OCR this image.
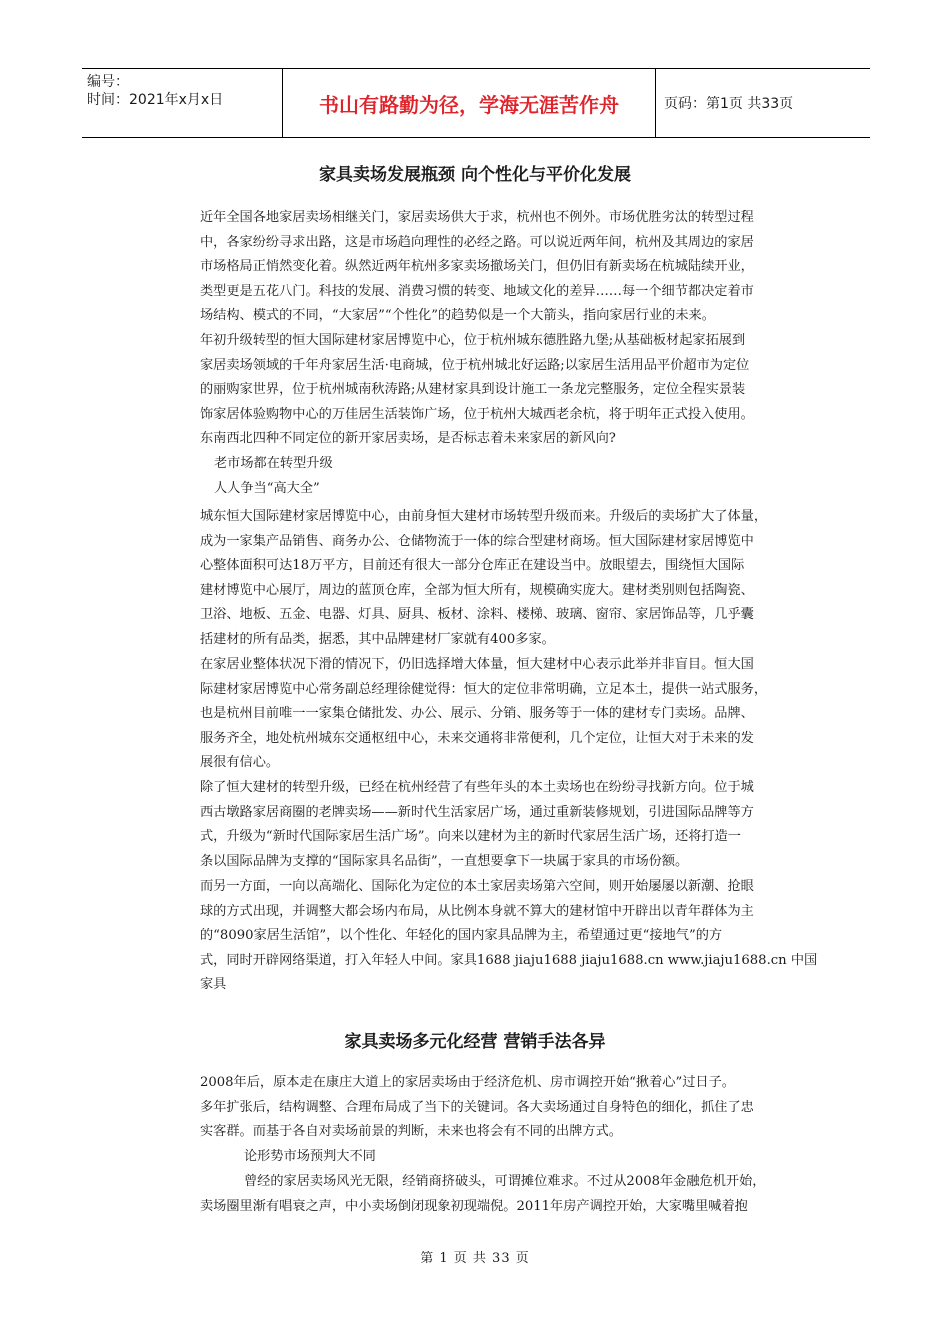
编号：
时间：2021年x月x日	书山有路勤为径，学海无涯苦作舟	页码：第1页 共33页
家具卖场发展瓶颈 向个性化与平价化发展
近年全国各地家居卖场相继关门，家居卖场供大于求，杭州也不例外。市场优胜劣汰的转型过程
中，各家纷纷寻求出路，这是市场趋向理性的必经之路。可以说近两年间，杭州及其周边的家居
市场格局正悄然变化着。纵然近两年杭州多家卖场撤场关门，但仍旧有新卖场在杭城陆续开业，
类型更是五花八门。科技的发展、消费习惯的转变、地域文化的差异……每一个细节都决定着市
场结构、模式的不同，“大家居”“个性化”的趋势似是一个大箭头，指向家居行业的未来。
年初升级转型的恒大国际建材家居博览中心，位于杭州城东德胜路九堡;从基础板材起家拓展到
家居卖场领域的千年舟家居生活·电商城，位于杭州城北好运路;以家居生活用品平价超市为定位
的丽购家世界，位于杭州城南秋涛路;从建材家具到设计施工一条龙完整服务，定位全程实景装
饰家居体验购物中心的万佳居生活装饰广场，位于杭州大城西老余杭，将于明年正式投入使用。
东南西北四种不同定位的新开家居卖场，是否标志着未来家居的新风向?
老市场都在转型升级
人人争当“高大全”
城东恒大国际建材家居博览中心，由前身恒大建材市场转型升级而来。升级后的卖场扩大了体量，
成为一家集产品销售、商务办公、仓储物流于一体的综合型建材商场。恒大国际建材家居博览中
心整体面积可达18万平方，目前还有很大一部分仓库正在建设当中。放眼望去，围绕恒大国际
建材博览中心展厅，周边的蓝顶仓库，全部为恒大所有，规模确实庞大。建材类别则包括陶瓷、
卫浴、地板、五金、电器、灯具、厨具、板材、涂料、楼梯、玻璃、窗帘、家居饰品等，几乎囊
括建材的所有品类，据悉，其中品牌建材厂家就有400多家。
在家居业整体状况下滑的情况下，仍旧选择增大体量，恒大建材中心表示此举并非盲目。恒大国
际建材家居博览中心常务副总经理徐健觉得：恒大的定位非常明确，立足本土，提供一站式服务，
也是杭州目前唯一一家集仓储批发、办公、展示、分销、服务等于一体的建材专门卖场。品牌、
服务齐全，地处杭州城东交通枢纽中心，未来交通将非常便利，几个定位，让恒大对于未来的发
展很有信心。
除了恒大建材的转型升级，已经在杭州经营了有些年头的本土卖场也在纷纷寻找新方向。位于城
西古墩路家居商圈的老牌卖场——新时代生活家居广场，通过重新装修规划，引进国际品牌等方
式，升级为“新时代国际家居生活广场”。向来以建材为主的新时代家居生活广场，还将打造一
条以国际品牌为支撑的“国际家具名品街”，一直想要拿下一块属于家具的市场份额。
而另一方面，一向以高端化、国际化为定位的本土家居卖场第六空间，则开始屡屡以新潮、抢眼
球的方式出现，并调整大都会场内布局，从比例本身就不算大的建材馆中开辟出以青年群体为主
的“8090家居生活馆”，以个性化、年轻化的国内家具品牌为主，希望通过更“接地气”的方
式，同时开辟网络渠道，打入年轻人中间。家具1688 jiaju1688 jiaju1688.cn www.jiaju1688.cn 中国
家具
家具卖场多元化经营 营销手法各异
2008年后，原本走在康庄大道上的家居卖场由于经济危机、房市调控开始“揪着心”过日子。
多年扩张后，结构调整、合理布局成了当下的关键词。各大卖场通过自身特色的细化，抓住了忠
实客群。而基于各自对卖场前景的判断，未来也将会有不同的出牌方式。
论形势市场预判大不同
曾经的家居卖场风光无限，经销商挤破头，可谓摊位难求。不过从2008年金融危机开始，
卖场圈里渐有唱衰之声，中小卖场倒闭现象初现端倪。2011年房产调控开始，大家嘴里喊着抱
第 1 页 共 33 页
